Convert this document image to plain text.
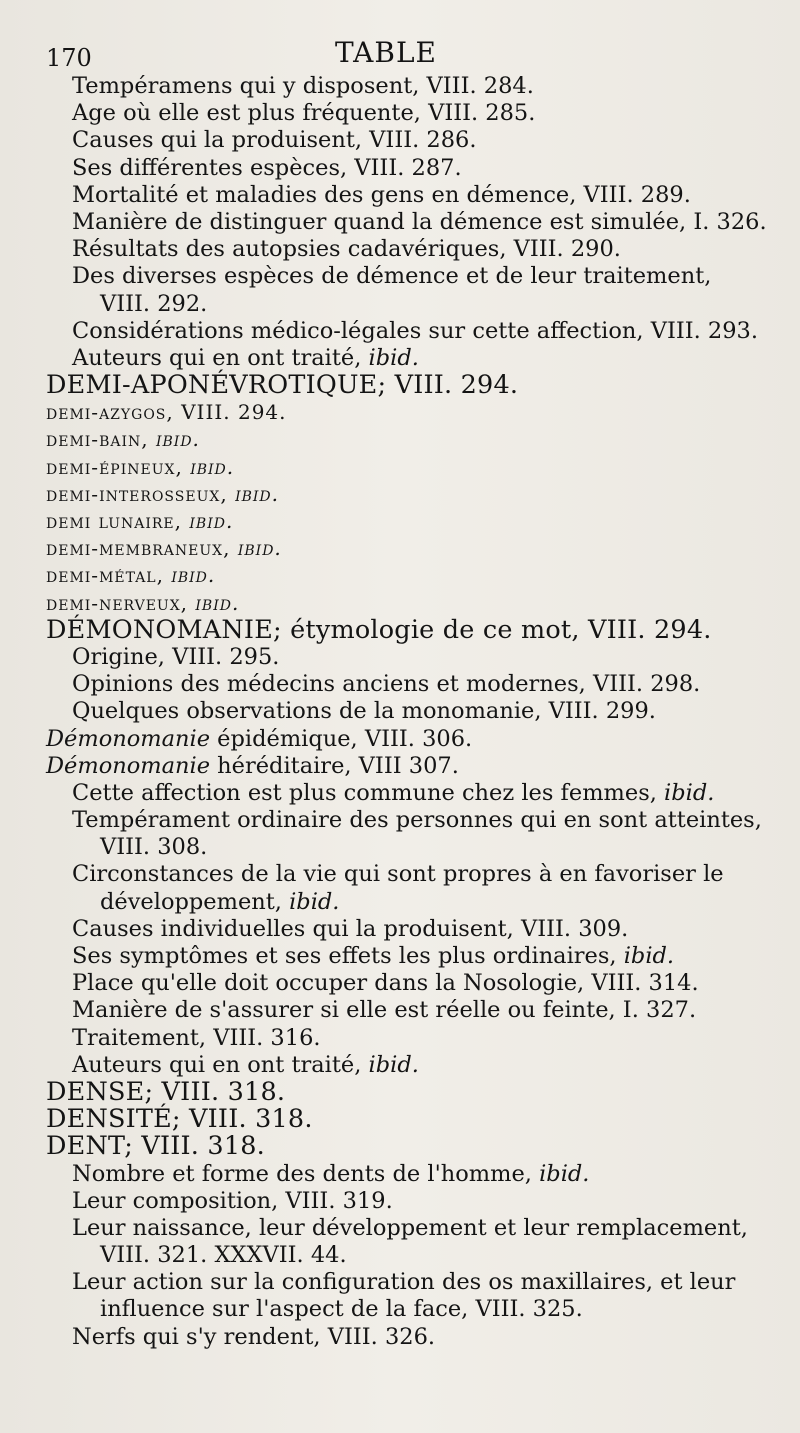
170	TABLE
Tempéramens qui y disposent, VIII. 284.
Age où elle est plus fréquente, VIII. 285.
Causes qui la produisent, VIII. 286.
Ses différentes espèces, VIII. 287.
Mortalité et maladies des gens en démence, VIII. 289.
Manière de distinguer quand la démence est simulée, I. 326.
Résultats des autopsies cadavériques, VIII. 290.
Des diverses espèces de démence et de leur traitement,
VIII. 292.
Considérations médico-légales sur cette affection, VIII. 293.
Auteurs qui en ont traité, ibid.
DEMI-APONÉVROTIQUE; VIII. 294.
demi-azygos, VIII. 294.
demi-bain, ibid.
demi-épineux, ibid.
demi-interosseux, ibid.
demi lunaire, ibid.
demi-membraneux, ibid.
demi-métal, ibid.
demi-nerveux, ibid.
DÉMONOMANIE; étymologie de ce mot, VIII. 294.
Origine, VIII. 295.
Opinions des médecins anciens et modernes, VIII. 298.
Quelques observations de la monomanie, VIII. 299.
Démonomanie épidémique, VIII. 306.
Démonomanie héréditaire, VIII 307.
Cette affection est plus commune chez les femmes, ibid.
Tempérament ordinaire des personnes qui en sont atteintes,
VIII. 308.
Circonstances de la vie qui sont propres à en favoriser le
développement, ibid.
Causes individuelles qui la produisent, VIII. 309.
Ses symptômes et ses effets les plus ordinaires, ibid.
Place qu'elle doit occuper dans la Nosologie, VIII. 314.
Manière de s'assurer si elle est réelle ou feinte, I. 327.
Traitement, VIII. 316.
Auteurs qui en ont traité, ibid.
DENSE; VIII. 318.
DENSITÉ; VIII. 318.
DENT; VIII. 318.
Nombre et forme des dents de l'homme, ibid.
Leur composition, VIII. 319.
Leur naissance, leur développement et leur remplacement,
VIII. 321. XXXVII. 44.
Leur action sur la configuration des os maxillaires, et leur
influence sur l'aspect de la face, VIII. 325.
Nerfs qui s'y rendent, VIII. 326.
